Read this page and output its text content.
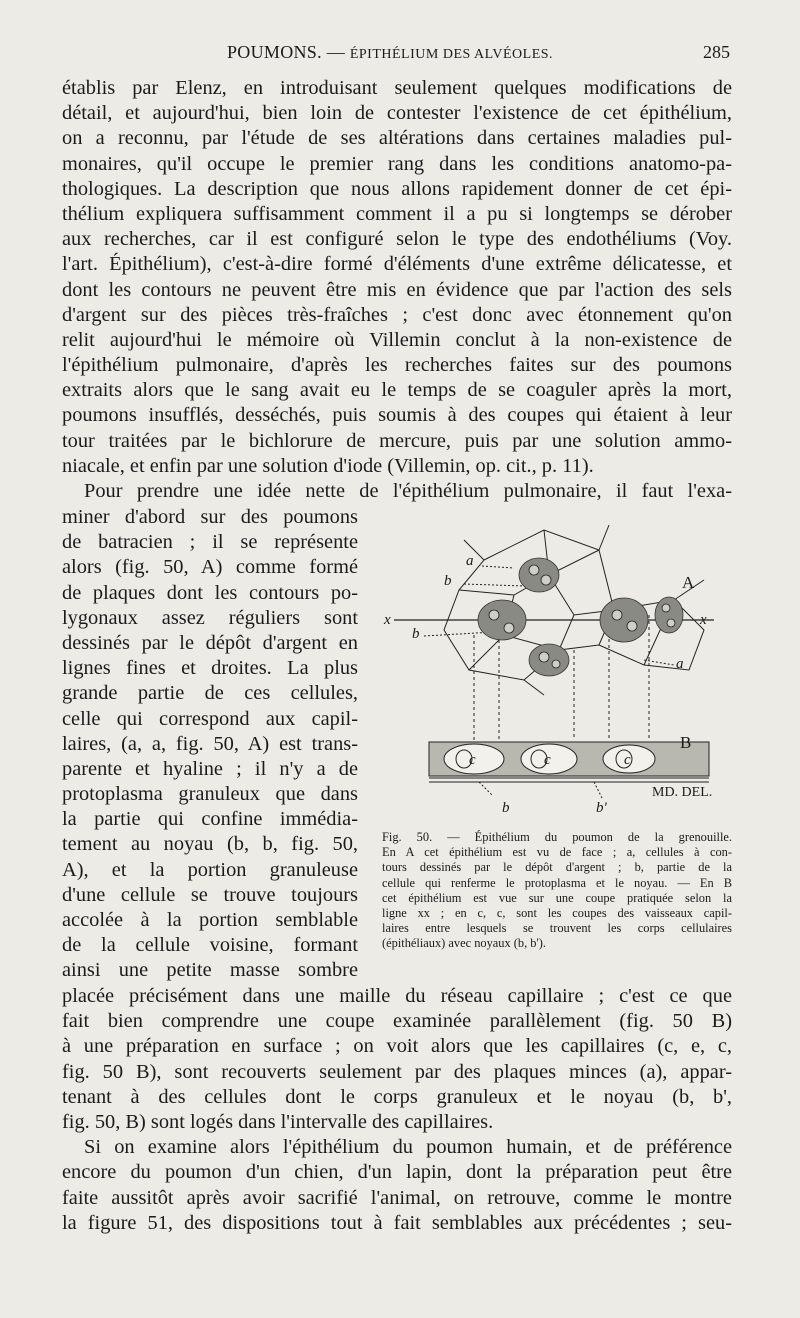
POUMONS. — ÉPITHÉLIUM DES ALVÉOLES.	285
établis par Elenz, en introduisant seulement quelques modifications de
détail, et aujourd'hui, bien loin de contester l'existence de cet épithélium,
on a reconnu, par l'étude de ses altérations dans certaines maladies pul-
monaires, qu'il occupe le premier rang dans les conditions anatomo-pa-
thologiques. La description que nous allons rapidement donner de cet épi-
thélium expliquera suffisamment comment il a pu si longtemps se dérober
aux recherches, car il est configuré selon le type des endothéliums (Voy.
l'art. Épithélium), c'est-à-dire formé d'éléments d'une extrême délicatesse, et
dont les contours ne peuvent être mis en évidence que par l'action des sels
d'argent sur des pièces très-fraîches ; c'est donc avec étonnement qu'on
relit aujourd'hui le mémoire où Villemin conclut à la non-existence de
l'épithélium pulmonaire, d'après les recherches faites sur des poumons
extraits alors que le sang avait eu le temps de se coaguler après la mort,
poumons insufflés, desséchés, puis soumis à des coupes qui étaient à leur
tour traitées par le bichlorure de mercure, puis par une solution ammo-
niacale, et enfin par une solution d'iode (Villemin, op. cit., p. 11).
Pour prendre une idée nette de l'épithélium pulmonaire, il faut l'exa-
miner d'abord sur des poumons
de batracien ; il se représente
alors (fig. 50, A) comme formé
de plaques dont les contours po-
lygonaux assez réguliers sont
dessinés par le dépôt d'argent en
lignes fines et droites. La plus
grande partie de ces cellules,
celle qui correspond aux capil-
laires, (a, a, fig. 50, A) est trans-
parente et hyaline ; il n'y a de
protoplasma granuleux que dans
la partie qui confine immédia-
tement au noyau (b, b, fig. 50,
A), et la portion granuleuse
d'une cellule se trouve toujours
accolée à la portion semblable
de la cellule voisine, formant
ainsi une petite masse sombre
a
b
x	x
b
a
c	c	c
b	b'
A
B
MD. DEL.
Fig. 50. — Épithélium du poumon de la grenouille.
En A cet épithélium est vu de face ; a, cellules à con-
tours dessinés par le dépôt d'argent ; b, partie de la
cellule qui renferme le protoplasma et le noyau. — En B
cet épithélium est vue sur une coupe pratiquée selon la
ligne xx ; en c, c, sont les coupes des vaisseaux capil-
laires entre lesquels se trouvent les corps cellulaires
(épithéliaux) avec noyaux (b, b').
placée précisément dans une maille du réseau capillaire ; c'est ce que
fait bien comprendre une coupe examinée parallèlement (fig. 50 B)
à une préparation en surface ; on voit alors que les capillaires (c, e, c,
fig. 50 B), sont recouverts seulement par des plaques minces (a), appar-
tenant à des cellules dont le corps granuleux et le noyau (b, b',
fig. 50, B) sont logés dans l'intervalle des capillaires.
Si on examine alors l'épithélium du poumon humain, et de préférence
encore du poumon d'un chien, d'un lapin, dont la préparation peut être
faite aussitôt après avoir sacrifié l'animal, on retrouve, comme le montre
la figure 51, des dispositions tout à fait semblables aux précédentes ; seu-
